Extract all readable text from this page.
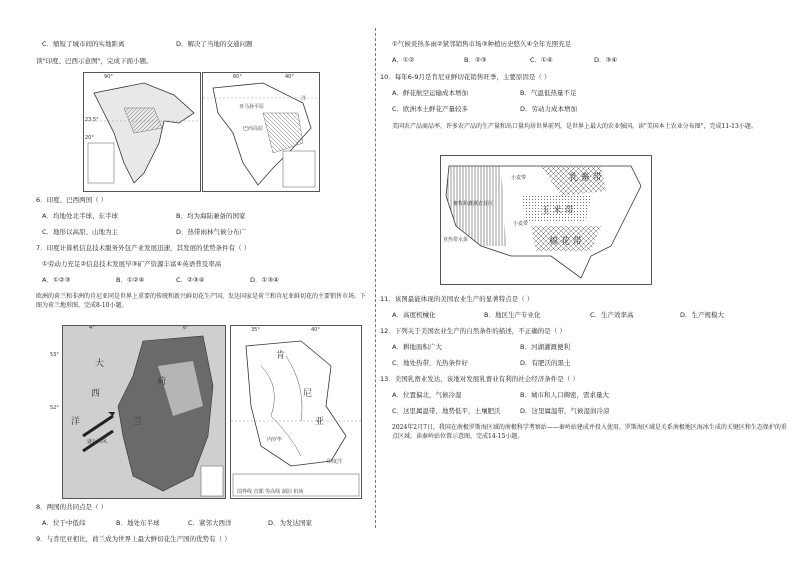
C．缩短了城市间的实地距离	D．解决了当地的交通问题
读"印度、巴西示意图"，完成下面小题。
90°
23.5°
20°
60°	40°
巴西高原
亚马孙平原
洋
6．印度、巴西两国（ ）
A．均地处北半球、东半球	B．均为海陆兼备的国家
C．地形以高原、山地为主	D．热带雨林气候分布广
7．印度计算机信息技术服务外包产业发展迅速，其发展的优势条件有（ ）
①劳动力充足②信息技术发展早③矿产资源丰富④英语普及率高
A．①②③	B．①②④	C．②③④	D．①③④
欧洲的荷兰和非洲的肯尼亚同是世界上重要的传统和新兴鲜切花生产国，发达国家是荷兰和肯尼亚鲜切花的主要销售市场。下图为荷兰地形图，完成8-10小题。
4°	6°
大
西
洋
荷
兰
盛行西风
53°
52°
35°	40°
肯
尼
亚
内罗毕
印度洋
国界线 首都 等高线 湖泊 机场
8．两国的共同点是（ ）
A．位于中低纬	B．地处东半球	C．紧邻大西洋	D．为发达国家
9．与肯尼亚相比，荷兰成为世界上最大鲜切花生产国的优势有（ ）
①气候炎热多雨②紧邻销售市场③种植历史悠久④全年光照充足
A．①②	B．②③	C．①④	D．③④
10．每年6-9月是肯尼亚鲜切花销售旺季，主要原因是（ ）
A．鲜花航空运输成本增加	B．气温低热量不足
C．欧洲本土鲜花产量较多	D．劳动力成本增加
美国农产品商品率、许多农产品的生产量和出口量均居世界前列，是世界上最大的农业强国。读"美国本土农业分布图"，完成11-13小题。
乳 畜 带
玉 米 带
棉 花 带
小麦带
小麦带
亚热带水果
畜牧和灌溉农业区
11．该图最能体现的美国农业生产的显著特点是（ ）
A．高度机械化	B．地区生产专业化	C．生产效率高	D．生产规模大
12．下列关于美国农业生产的自然条件的描述，不正确的是（ ）
A．耕地面积广大	B．河湖灌溉便利
C．地处热带，光热条件好	D．有肥沃的黑土
13．美国乳畜业发达，该地对发展乳畜业有利的社会经济条件是（ ）
A．位置偏北，气候冷湿	B．城市和人口稠密，需求量大
C．这里属温带，地势低平，土壤肥沃	D．这里属温带，气候湿润冷凉
2024年2月7日，我国在南极罗斯海区域的南极科学考察站——秦岭站建成并投入使用。罗斯海区域是关系南极地区海冰生成的关键区和生态保护的重点区域。读秦岭站位置示意图，完成14-15小题。
